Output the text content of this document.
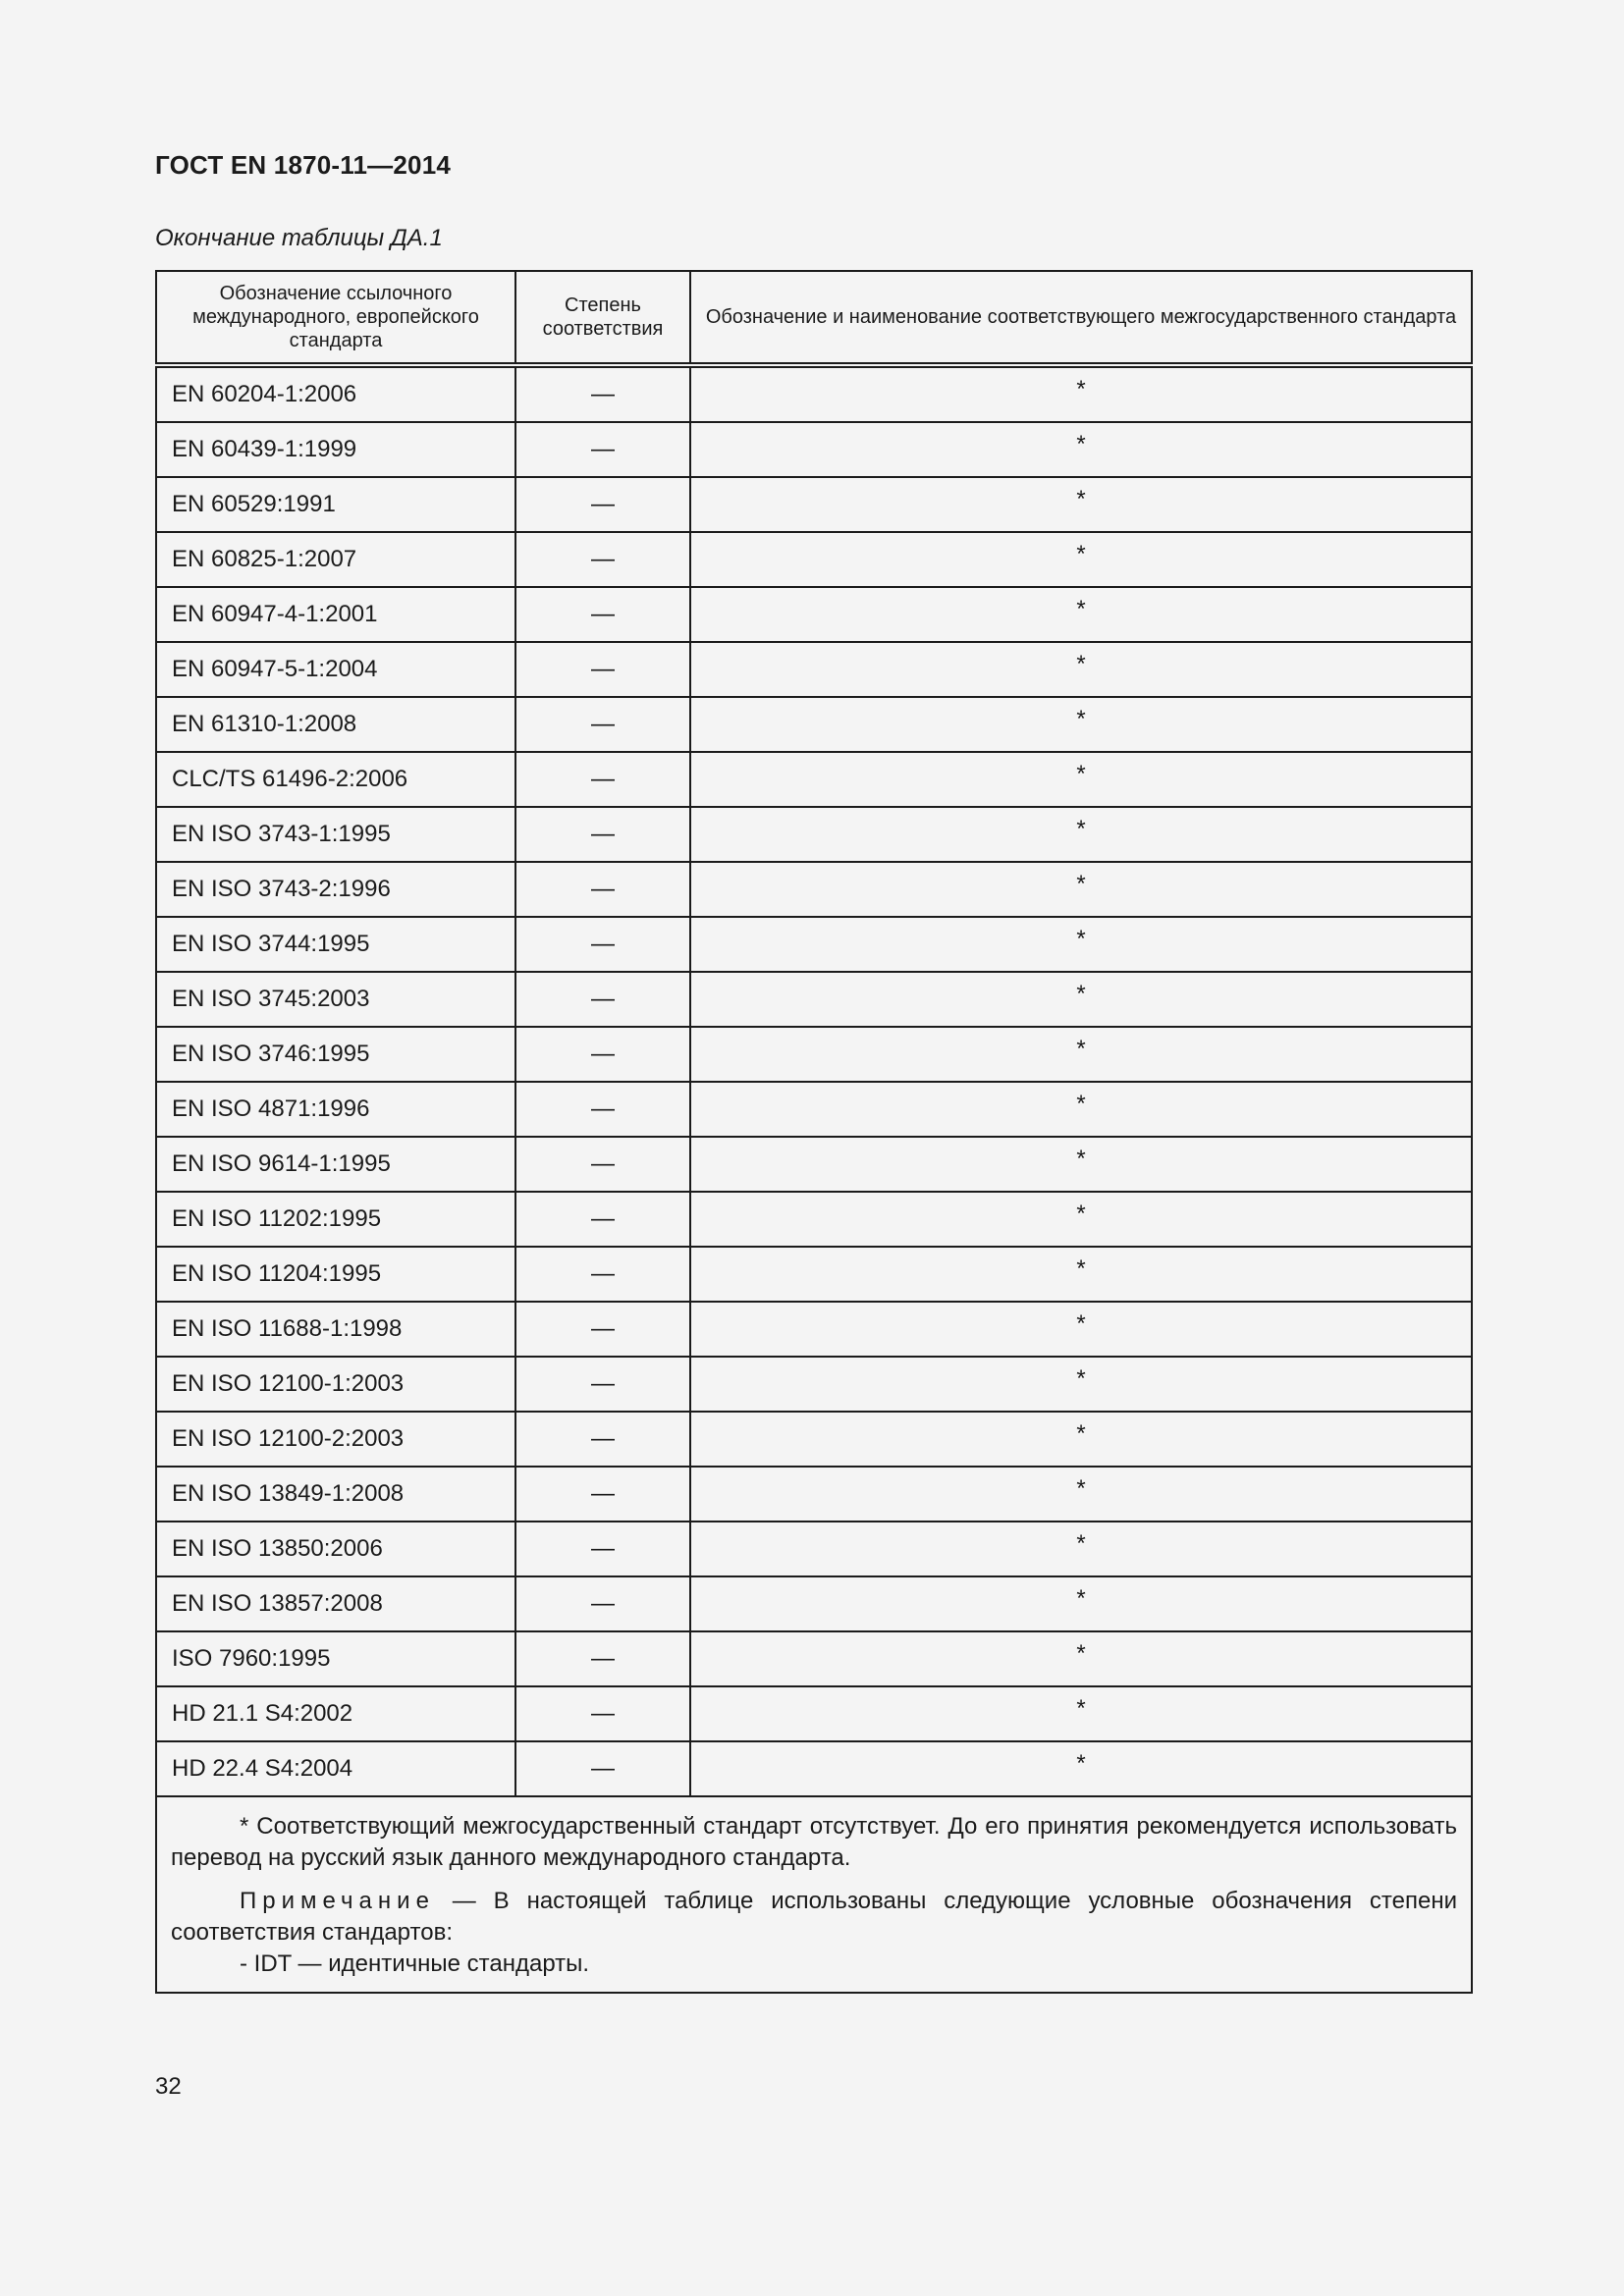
ГОСТ EN 1870-11—2014
Окончание таблицы ДА.1
Обозначение ссылочного международного, европейского стандарта	Степень соответствия	Обозначение и наименование соответствующего межгосударственного стандарта
EN 60204-1:2006	—	*
EN 60439-1:1999	—	*
EN 60529:1991	—	*
EN 60825-1:2007	—	*
EN 60947-4-1:2001	—	*
EN 60947-5-1:2004	—	*
EN 61310-1:2008	—	*
CLC/TS 61496-2:2006	—	*
EN ISO 3743-1:1995	—	*
EN ISO 3743-2:1996	—	*
EN ISO 3744:1995	—	*
EN ISO 3745:2003	—	*
EN ISO 3746:1995	—	*
EN ISO 4871:1996	—	*
EN ISO 9614-1:1995	—	*
EN ISO 11202:1995	—	*
EN ISO 11204:1995	—	*
EN ISO 11688-1:1998	—	*
EN ISO 12100-1:2003	—	*
EN ISO 12100-2:2003	—	*
EN ISO 13849-1:2008	—	*
EN ISO 13850:2006	—	*
EN ISO 13857:2008	—	*
ISO 7960:1995	—	*
HD 21.1 S4:2002	—	*
HD 22.4 S4:2004	—	*

* Соответствующий межгосударственный стандарт отсутствует. До его принятия рекомендуется использовать перевод на русский язык данного международного стандарта.

Примечание — В настоящей таблице использованы следующие условные обозначения степени соответствия стандартов:

- IDT — идентичные стандарты.		

32
